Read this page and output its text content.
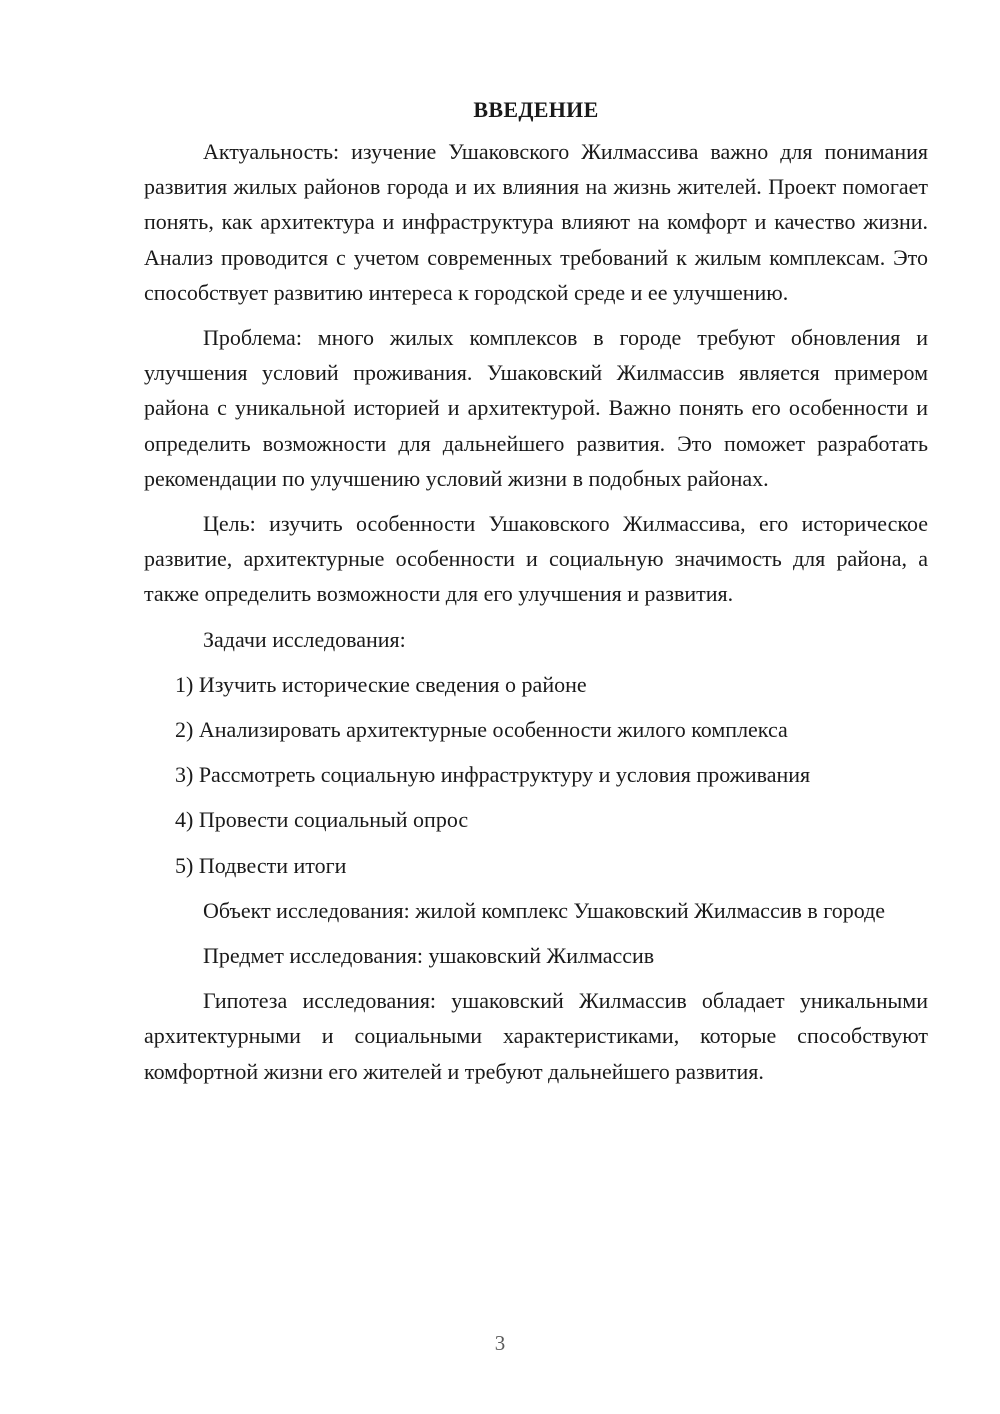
ВВЕДЕНИЕ

Актуальность: изучение Ушаковского Жилмассива важно для понимания развития жилых районов города и их влияния на жизнь жителей. Проект помогает понять, как архитектура и инфраструктура влияют на комфорт и качество жизни. Анализ проводится с учетом современных требований к жилым комплексам. Это способствует развитию интереса к городской среде и ее улучшению.

Проблема: много жилых комплексов в городе требуют обновления и улучшения условий проживания. Ушаковский Жилмассив является примером района с уникальной историей и архитектурой. Важно понять его особенности и определить возможности для дальнейшего развития. Это поможет разработать рекомендации по улучшению условий жизни в подобных районах.

Цель: изучить особенности Ушаковского Жилмассива, его историческое развитие, архитектурные особенности и социальную значимость для района, а также определить возможности для его улучшения и развития.

Задачи исследования:

1) Изучить исторические сведения о районе

2) Анализировать архитектурные особенности жилого комплекса

3) Рассмотреть социальную инфраструктуру и условия проживания

4) Провести социальный опрос

5) Подвести итоги

Объект исследования: жилой комплекс Ушаковский Жилмассив в городе

Предмет исследования: ушаковский Жилмассив

Гипотеза исследования: ушаковский Жилмассив обладает уникальными архитектурными и социальными характеристиками, которые способствуют комфортной жизни его жителей и требуют дальнейшего развития.

3
